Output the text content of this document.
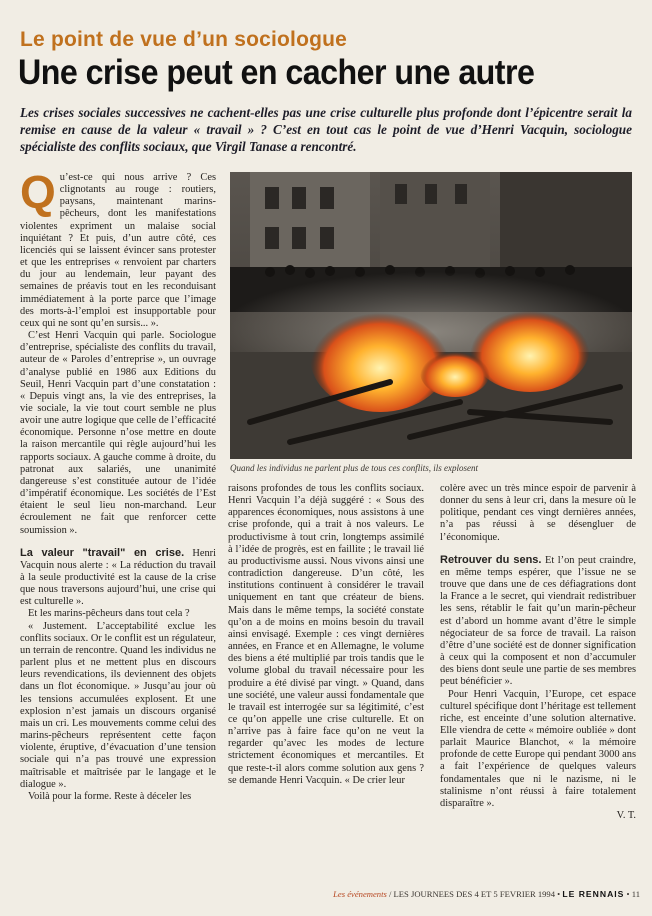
Le point de vue d’un sociologue
Une crise peut en cacher une autre
Les crises sociales successives ne cachent-elles pas une crise culturelle plus profonde dont l’épicentre serait la remise en cause de la valeur « travail » ? C’est en tout cas le point de vue d’Henri Vacquin, sociologue spécialiste des conflits sociaux, que Virgil Tanase a rencontré.

Qu’est-ce qui nous arrive ? Ces clignotants au rouge : routiers, paysans, maintenant marins-pêcheurs, dont les manifestations violentes expriment un malaise social inquiétant ? Et puis, d’un autre côté, ces licenciés qui se laissent évincer sans protester et que les entreprises « renvoient par charters du jour au lendemain, leur payant des semaines de préavis tout en les reconduisant immédiatement à la porte parce que l’image des morts-à-l’emploi est insupportable pour ceux qui ne sont qu’en sursis... ».

C’est Henri Vacquin qui parle. Sociologue d’entreprise, spécialiste des conflits du travail, auteur de « Paroles d’entreprise », un ouvrage d’analyse publié en 1986 aux Editions du Seuil, Henri Vacquin part d’une constatation : « Depuis vingt ans, la vie des entreprises, la vie sociale, la vie tout court semble ne plus avoir une autre logique que celle de l’efficacité économique. Personne n’ose mettre en doute la raison mercantile qui règle aujourd’hui les rapports sociaux. A gauche comme à droite, du patronat aux salariés, une unanimité dangereuse s’est constituée autour de l’idée d’impératif économique. Les sociétés de l’Est étaient le seul lieu non-marchand. Leur écroulement ne fait que renforcer cette soumission ».

La valeur "travail" en crise. Henri Vacquin nous alerte : « La réduction du travail à la seule productivité est la cause de la crise que nous traversons aujourd’hui, une crise qui est culturelle ».

Et les marins-pêcheurs dans tout cela ?

« Justement. L’acceptabilité exclue les conflits sociaux. Or le conflit est un régulateur, un terrain de rencontre. Quand les individus ne parlent plus et ne mettent plus en discours leurs revendications, ils deviennent des objets dans un flot économique. » Jusqu’au jour où les tensions accumulées explosent. Et une explosion n’est jamais un discours organisé mais un cri. Les mouvements comme celui des marins-pêcheurs représentent cette façon violente, éruptive, d’évacuation d’une tension sociale qui n’a pas trouvé une expression maîtrisable et maîtrisée par le langage et le dialogue ».

Voilà pour la forme. Reste à déceler les

Quand les individus ne parlent plus de tous ces conflits, ils explosent

raisons profondes de tous les conflits sociaux. Henri Vacquin l’a déjà suggéré : « Sous des apparences économiques, nous assistons à une crise profonde, qui a trait à nos valeurs. Le productivisme à tout crin, longtemps assimilé à l’idée de progrès, est en faillite ; le travail lié au productivisme aussi. Nous vivons ainsi une contradiction dangereuse. D’un côté, les institutions continuent à considérer le travail uniquement en tant que créateur de biens. Mais dans le même temps, la société constate qu’on a de moins en moins besoin du travail ainsi envisagé. Exemple : ces vingt dernières années, en France et en Allemagne, le volume des biens a été multiplié par trois tandis que le volume global du travail nécessaire pour les produire a été divisé par vingt. » Quand, dans une société, une valeur aussi fondamentale que le travail est interrogée sur sa légitimité, c’est ce qu’on appelle une crise culturelle. Et on n’arrive pas à faire face qu’on ne veut la regarder qu’avec les modes de lecture strictement économiques et mercantiles. Et que reste-t-il alors comme solution aux gens ? se demande Henri Vacquin. « De crier leur

colère avec un très mince espoir de parvenir à donner du sens à leur cri, dans la mesure où le politique, pendant ces vingt dernières années, n’a pas réussi à se désengluer de l’économique.

Retrouver du sens. Et l’on peut craindre, en même temps espérer, que l’issue ne se trouve que dans une de ces défiagrations dont la France a le secret, qui viendrait redistribuer les sens, rétablir le fait qu’un marin-pêcheur est d’abord un homme avant d’être le simple négociateur de sa force de travail. La raison d’être d’une société est de donner signification à ceux qui la composent et non d’accumuler des biens dont seule une partie de ses membres peut bénéficier ».

Pour Henri Vacquin, l’Europe, cet espace culturel spécifique dont l’héritage est tellement riche, est enceinte d’une solution alternative. Elle viendra de cette « mémoire oubliée » dont parlait Maurice Blanchot, « la mémoire profonde de cette Europe qui pendant 3000 ans a fait l’expérience de quelques valeurs fondamentales que ni le nazisme, ni le stalinisme n’ont réussi à faire totalement disparaître ».

V. T.

Les événements / LES JOURNEES DES 4 ET 5 FEVRIER 1994 • LE RENNAIS • 11
